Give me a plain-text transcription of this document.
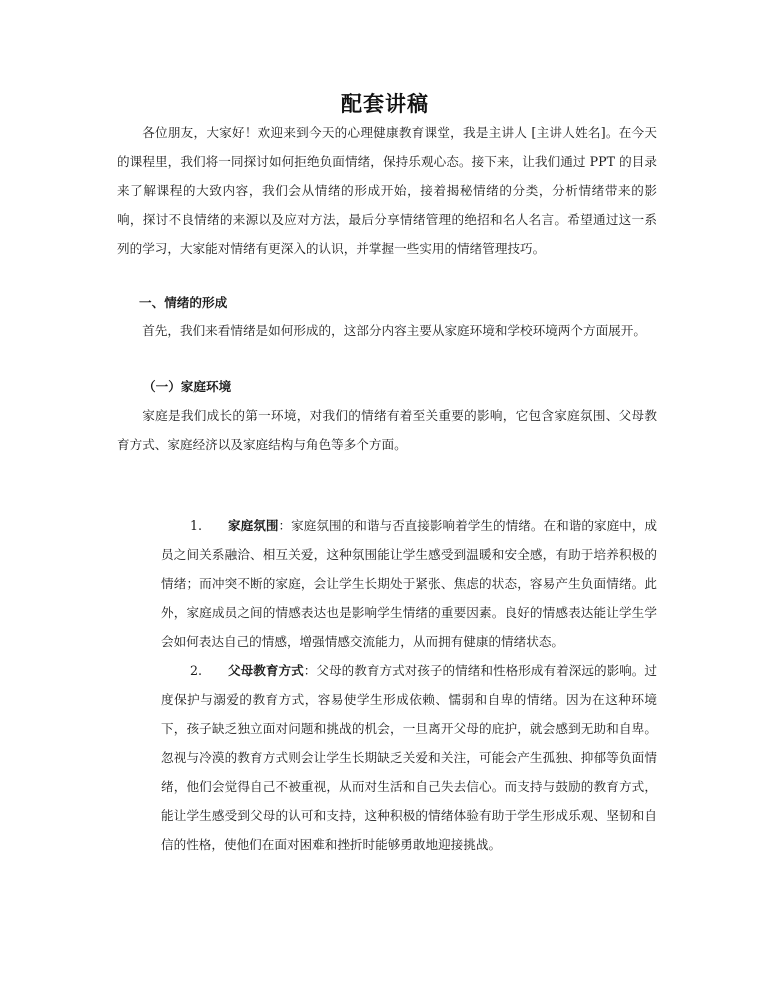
配套讲稿

各位朋友，大家好！欢迎来到今天的心理健康教育课堂，我是主讲人 [主讲人姓名]。在今天的课程里，我们将一同探讨如何拒绝负面情绪，保持乐观心态。接下来，让我们通过 PPT 的目录来了解课程的大致内容，我们会从情绪的形成开始，接着揭秘情绪的分类，分析情绪带来的影响，探讨不良情绪的来源以及应对方法，最后分享情绪管理的绝招和名人名言。希望通过这一系列的学习，大家能对情绪有更深入的认识，并掌握一些实用的情绪管理技巧。

一、情绪的形成

首先，我们来看情绪是如何形成的，这部分内容主要从家庭环境和学校环境两个方面展开。

（一）家庭环境

家庭是我们成长的第一环境，对我们的情绪有着至关重要的影响，它包含家庭氛围、父母教育方式、家庭经济以及家庭结构与角色等多个方面。

1. 家庭氛围：家庭氛围的和谐与否直接影响着学生的情绪。在和谐的家庭中，成员之间关系融洽、相互关爱，这种氛围能让学生感受到温暖和安全感，有助于培养积极的情绪；而冲突不断的家庭，会让学生长期处于紧张、焦虑的状态，容易产生负面情绪。此外，家庭成员之间的情感表达也是影响学生情绪的重要因素。良好的情感表达能让学生学会如何表达自己的情感，增强情感交流能力，从而拥有健康的情绪状态。

2. 父母教育方式：父母的教育方式对孩子的情绪和性格形成有着深远的影响。过度保护与溺爱的教育方式，容易使学生形成依赖、懦弱和自卑的情绪。因为在这种环境下，孩子缺乏独立面对问题和挑战的机会，一旦离开父母的庇护，就会感到无助和自卑。忽视与冷漠的教育方式则会让学生长期缺乏关爱和关注，可能会产生孤独、抑郁等负面情绪，他们会觉得自己不被重视，从而对生活和自己失去信心。而支持与鼓励的教育方式，能让学生感受到父母的认可和支持，这种积极的情绪体验有助于学生形成乐观、坚韧和自信的性格，使他们在面对困难和挫折时能够勇敢地迎接挑战。
